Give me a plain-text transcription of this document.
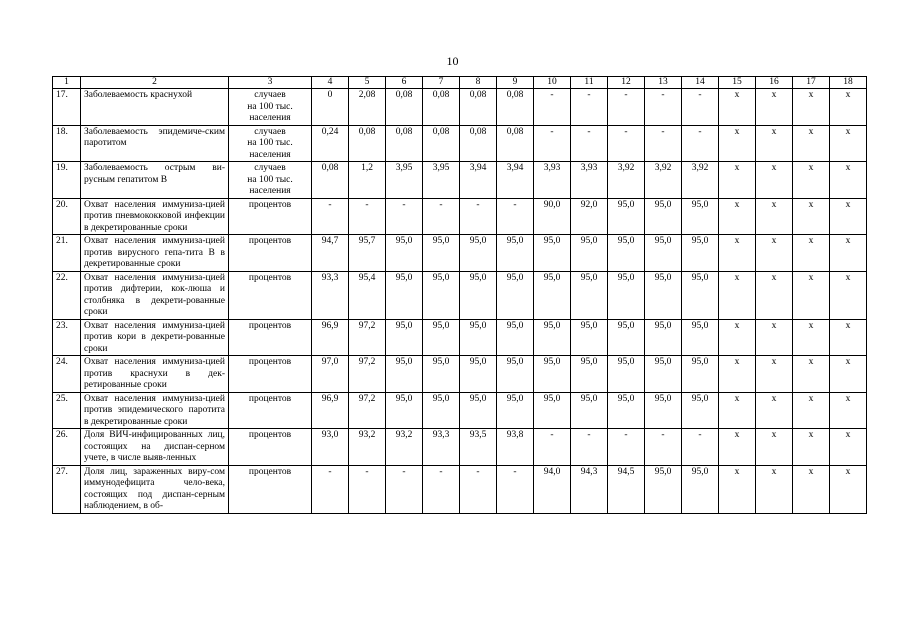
10
1	2	3	4	5	6	7	8	9	10	11	12	13	14	15	16	17	18
17.	Заболеваемость краснухой	случаев
на 100 тыс.
населения	0	2,08	0,08	0,08	0,08	0,08	-	-	-	-	-	х	х	х	х
18.	Заболеваемость эпидемиче-ским паротитом	случаев
на 100 тыс.
населения	0,24	0,08	0,08	0,08	0,08	0,08	-	-	-	-	-	х	х	х	х
19.	Заболеваемость острым ви-русным гепатитом В	случаев
на 100 тыс.
населения	0,08	1,2	3,95	3,95	3,94	3,94	3,93	3,93	3,92	3,92	3,92	х	х	х	х
20.	Охват населения иммуниза-цией против пневмококковой инфекции в декретированные сроки	процентов	-	-	-	-	-	-	90,0	92,0	95,0	95,0	95,0	х	х	х	х
21.	Охват населения иммуниза-цией против вирусного гепа-тита В в декретированные сроки	процентов	94,7	95,7	95,0	95,0	95,0	95,0	95,0	95,0	95,0	95,0	95,0	х	х	х	х
22.	Охват населения иммуниза-цией против дифтерии, кок-люша и столбняка в декрети-рованные сроки	процентов	93,3	95,4	95,0	95,0	95,0	95,0	95,0	95,0	95,0	95,0	95,0	х	х	х	х
23.	Охват населения иммуниза-цией против кори в декрети-рованные сроки	процентов	96,9	97,2	95,0	95,0	95,0	95,0	95,0	95,0	95,0	95,0	95,0	х	х	х	х
24.	Охват населения иммуниза-цией против краснухи в дек-ретированные сроки	процентов	97,0	97,2	95,0	95,0	95,0	95,0	95,0	95,0	95,0	95,0	95,0	х	х	х	х
25.	Охват населения иммуниза-цией против эпидемического паротита в декретированные сроки	процентов	96,9	97,2	95,0	95,0	95,0	95,0	95,0	95,0	95,0	95,0	95,0	х	х	х	х
26.	Доля ВИЧ-инфицированных лиц, состоящих на диспан-серном учете, в числе выяв-ленных	процентов	93,0	93,2	93,2	93,3	93,5	93,8	-	-	-	-	-	х	х	х	х
27.	Доля лиц, зараженных виру-сом иммунодефицита чело-века, состоящих под диспан-серным наблюдением, в об-	процентов	-	-	-	-	-	-	94,0	94,3	94,5	95,0	95,0	х	х	х	х
